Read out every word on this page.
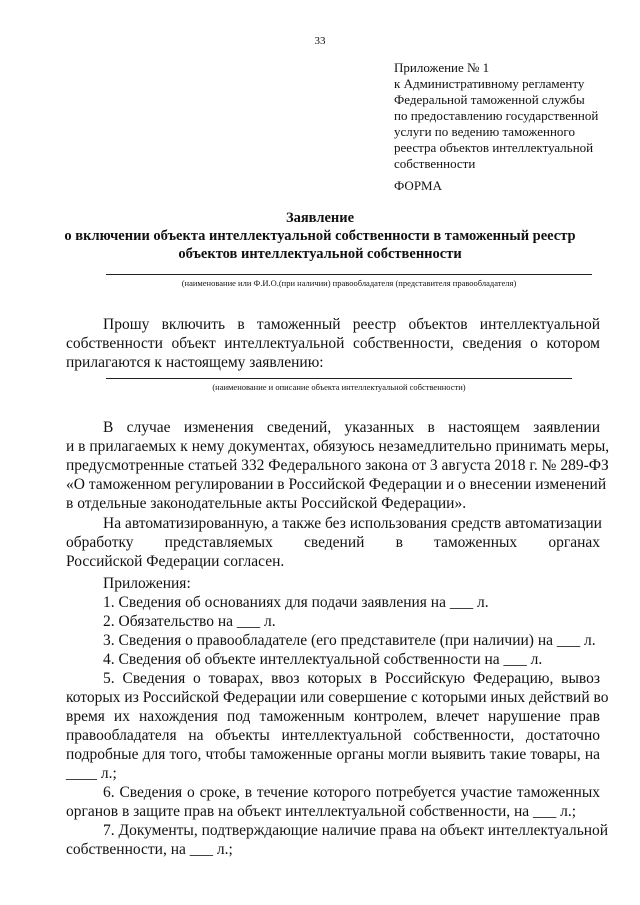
33
Приложение № 1
к Административному регламенту
Федеральной таможенной службы
по предоставлению государственной
услуги по ведению таможенного
реестра объектов интеллектуальной
собственности
ФОРМА
Заявление
о включении объекта интеллектуальной собственности в таможенный реестр
объектов интеллектуальной собственности
(наименование или Ф.И.О.(при наличии) правообладателя (представителя правообладателя)
Прошу включить в таможенный реестр объектов интеллектуальной
собственности объект интеллектуальной собственности, сведения о котором
прилагаются к настоящему заявлению:
(наименование и описание объекта интеллектуальной собственности)
В случае изменения сведений, указанных в настоящем заявлении
и в прилагаемых к нему документах, обязуюсь незамедлительно принимать меры,
предусмотренные статьей 332 Федерального закона от 3 августа 2018 г. № 289-ФЗ
«О таможенном регулировании в Российской Федерации и о внесении изменений
в отдельные законодательные акты Российской Федерации».
На автоматизированную, а также без использования средств автоматизации
обработку представляемых сведений в таможенных органах
Российской Федерации согласен.
Приложения:
1. Сведения об основаниях для подачи заявления на ___ л.
2. Обязательство на ___ л.
3. Сведения о правообладателе (его представителе (при наличии) на ___ л.
4. Сведения об объекте интеллектуальной собственности на ___ л.
5. Сведения о товарах, ввоз которых в Российскую Федерацию, вывоз
которых из Российской Федерации или совершение с которыми иных действий во
время их нахождения под таможенным контролем, влечет нарушение прав
правообладателя на объекты интеллектуальной собственности, достаточно
подробные для того, чтобы таможенные органы могли выявить такие товары, на
____ л.;
6. Сведения о сроке, в течение которого потребуется участие таможенных
органов в защите прав на объект интеллектуальной собственности, на ___ л.;
7. Документы, подтверждающие наличие права на объект интеллектуальной
собственности, на ___ л.;
